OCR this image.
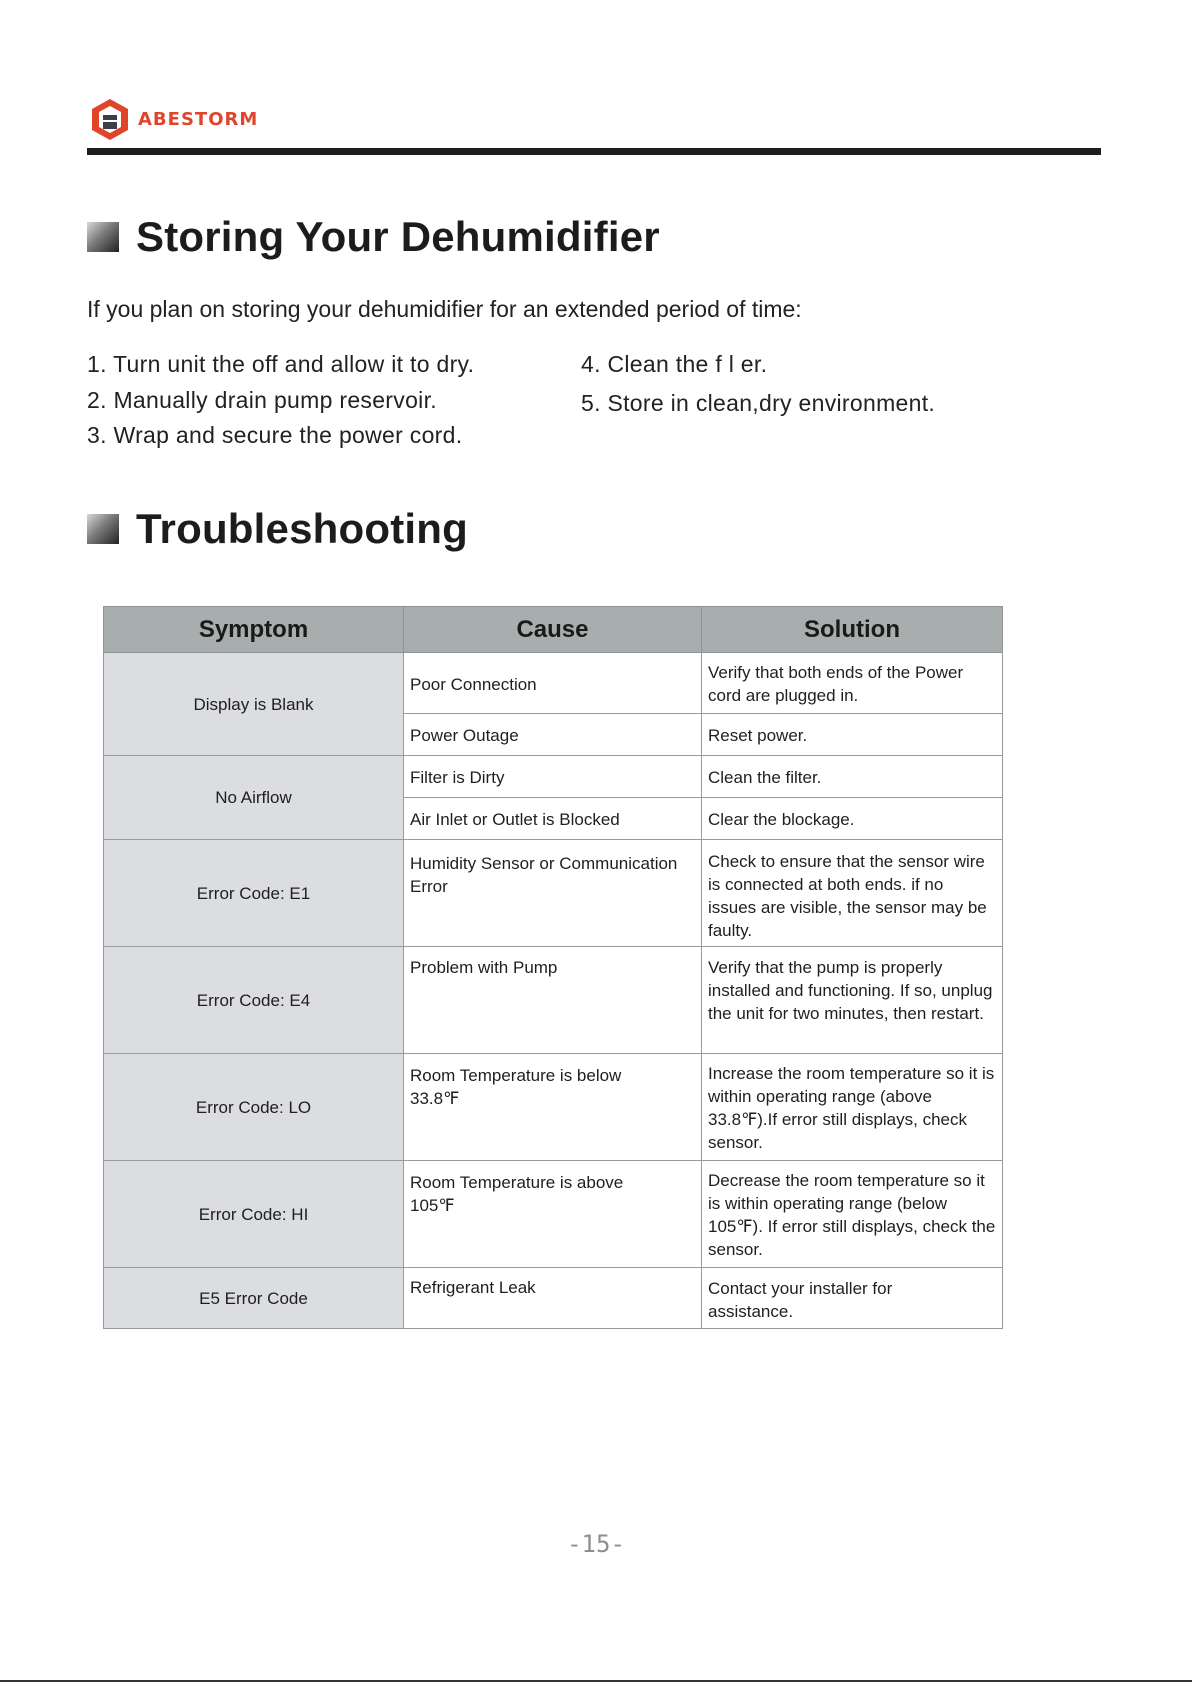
ABESTORM
Storing Your Dehumidifier
If you plan on storing your dehumidifier for an extended period of time:
1. Turn unit the off and allow it to dry.
2. Manually drain pump reservoir.
3. Wrap and secure the power cord.
4. Clean the f l er.
5. Store in clean,dry environment.
Troubleshooting
Symptom	Cause	Solution
Display is Blank	Poor Connection	Verify that both ends of the Power cord are plugged in.
	Power Outage	Reset power.
No Airflow	Filter is Dirty	Clean the filter.
	Air Inlet or Outlet is Blocked	Clear the blockage.
Error Code: E1	Humidity Sensor or Communication Error	Check to ensure that the sensor wire is connected at both ends. if no issues are visible, the sensor may be faulty.
Error Code: E4	Problem with Pump	Verify that the pump is properly installed and functioning. If so, unplug the unit for two minutes, then restart.
Error Code: LO	Room Temperature is below 33.8℉	Increase the room temperature so it is within operating range (above 33.8℉).If error still displays, check sensor.
Error Code: HI	Room Temperature is above 105℉	Decrease the room temperature so it is within operating range (below 105℉). If error still displays, check the sensor.
E5 Error Code	Refrigerant Leak	Contact your installer for assistance.
-15-
